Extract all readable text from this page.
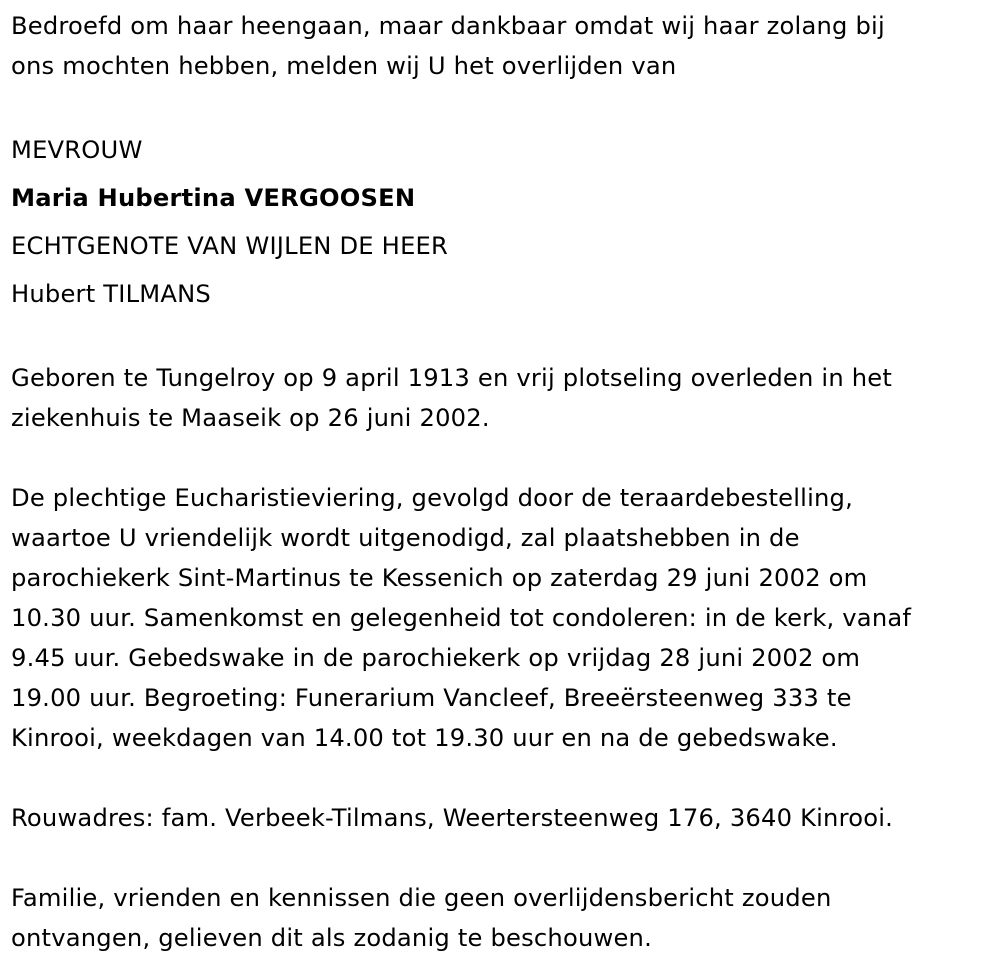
Bedroefd om haar heengaan, maar dankbaar omdat wij haar zolang bij
ons mochten hebben, melden wij U het overlijden van
MEVROUW
Maria Hubertina VERGOOSEN
ECHTGENOTE VAN WIJLEN DE HEER
Hubert TILMANS
Geboren te Tungelroy op 9 april 1913 en vrij plotseling overleden in het
ziekenhuis te Maaseik op 26 juni 2002.
De plechtige Eucharistieviering, gevolgd door de teraardebestelling,
waartoe U vriendelijk wordt uitgenodigd, zal plaatshebben in de
parochiekerk Sint-Martinus te Kessenich op zaterdag 29 juni 2002 om
10.30 uur. Samenkomst en gelegenheid tot condoleren: in de kerk, vanaf
9.45 uur. Gebedswake in de parochiekerk op vrijdag 28 juni 2002 om
19.00 uur. Begroeting: Funerarium Vancleef, Breeërsteenweg 333 te
Kinrooi, weekdagen van 14.00 tot 19.30 uur en na de gebedswake.
Rouwadres: fam. Verbeek-Tilmans, Weertersteenweg 176, 3640 Kinrooi.
Familie, vrienden en kennissen die geen overlijdensbericht zouden
ontvangen, gelieven dit als zodanig te beschouwen.
